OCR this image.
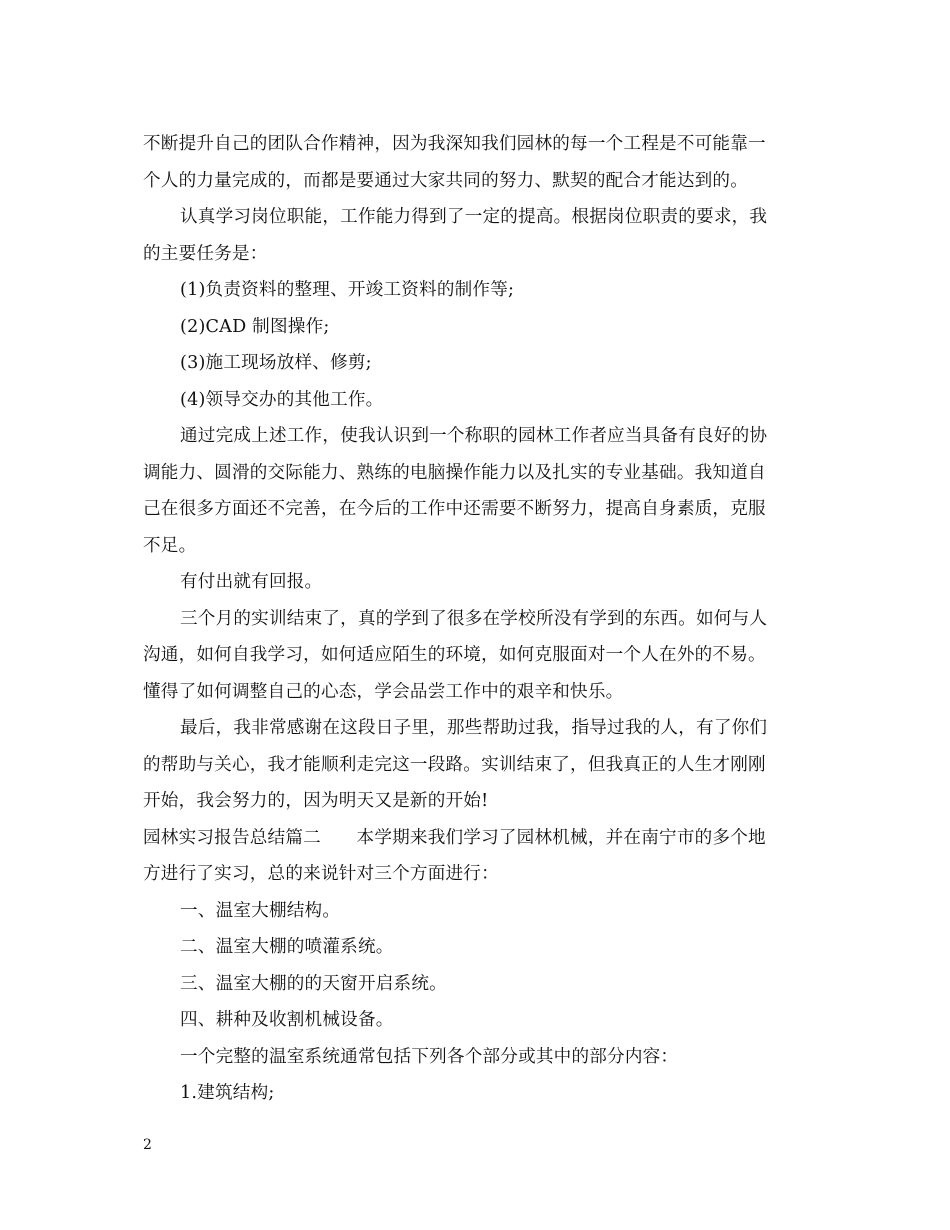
不断提升自己的团队合作精神，因为我深知我们园林的每一个工程是不可能靠一
个人的力量完成的，而都是要通过大家共同的努力、默契的配合才能达到的。
认真学习岗位职能，工作能力得到了一定的提高。根据岗位职责的要求，我
的主要任务是：
(1)负责资料的整理、开竣工资料的制作等;
(2)CAD 制图操作;
(3)施工现场放样、修剪;
(4)领导交办的其他工作。
通过完成上述工作，使我认识到一个称职的园林工作者应当具备有良好的协
调能力、圆滑的交际能力、熟练的电脑操作能力以及扎实的专业基础。我知道自
己在很多方面还不完善，在今后的工作中还需要不断努力，提高自身素质，克服
不足。
有付出就有回报。
三个月的实训结束了，真的学到了很多在学校所没有学到的东西。如何与人
沟通，如何自我学习，如何适应陌生的环境，如何克服面对一个人在外的不易。
懂得了如何调整自己的心态，学会品尝工作中的艰辛和快乐。
最后，我非常感谢在这段日子里，那些帮助过我，指导过我的人，有了你们
的帮助与关心，我才能顺利走完这一段路。实训结束了，但我真正的人生才刚刚
开始，我会努力的，因为明天又是新的开始!
园林实习报告总结篇二　　本学期来我们学习了园林机械，并在南宁市的多个地
方进行了实习，总的来说针对三个方面进行：
一、温室大棚结构。
二、温室大棚的喷灌系统。
三、温室大棚的的天窗开启系统。
四、耕种及收割机械设备。
一个完整的温室系统通常包括下列各个部分或其中的部分内容：
1.建筑结构;
2
